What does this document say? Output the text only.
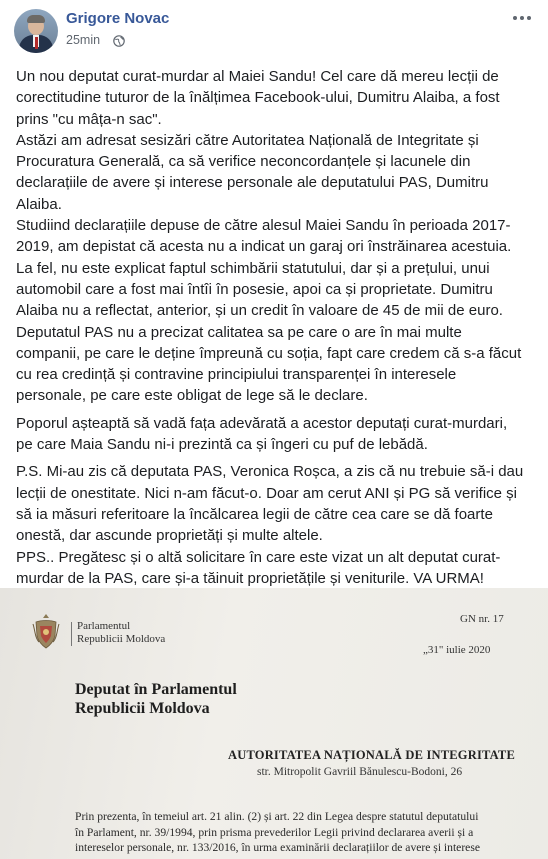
Grigore Novac
25min

Un nou deputat curat-murdar al Maiei Sandu! Cel care dă mereu lecții de
corectitudine tuturor de la înălțimea Facebook-ului, Dumitru Alaiba, a fost
prins "cu mâța-n sac".
Astăzi am adresat sesizări către Autoritatea Națională de Integritate și
Procuratura Generală, ca să verifice neconcordanțele și lacunele din
declarațiile de avere și interese personale ale deputatului PAS, Dumitru
Alaiba.
Studiind declarațiile depuse de către alesul Maiei Sandu în perioada 2017-
2019, am depistat că acesta nu a indicat un garaj ori înstrăinarea acestuia.
La fel, nu este explicat faptul schimbării statutului, dar și a prețului, unui
automobil care a fost mai întîi în posesie, apoi ca și proprietate. Dumitru
Alaiba nu a reflectat, anterior, și un credit în valoare de 45 de mii de euro.
Deputatul PAS nu a precizat calitatea sa pe care o are în mai multe
companii, pe care le deține împreună cu soția, fapt care credem că s-a făcut
cu rea credință și contravine principiului transparenței în interesele
personale, pe care este obligat de lege să le declare.

Poporul așteaptă să vadă fața adevărată a acestor deputați curat-murdari,
pe care Maia Sandu ni-i prezintă ca și îngeri cu puf de lebădă.

P.S. Mi-au zis că deputata PAS, Veronica Roșca, a zis că nu trebuie să-i dau
lecții de onestitate. Nici n-am făcut-o. Doar am cerut ANI și PG să verifice și
să ia măsuri referitoare la încălcarea legii de către cea care se dă foarte
onestă, dar ascunde proprietăți și multe altele.
PPS.. Pregătesc și o altă solicitare în care este vizat un alt deputat curat-
murdar de la PAS, care și-a tăinuit proprietățile și veniturile. VA URMA!

Parlamentul
Republicii Moldova
GN nr. 17
„31" iulie 2020
Deputat în Parlamentul
Republicii Moldova
AUTORITATEA NAȚIONALĂ DE INTEGRITATE
str. Mitropolit Gavriil Bănulescu-Bodoni, 26

Prin prezenta, în temeiul art. 21 alin. (2) și art. 22 din Legea despre statutul deputatului

în Parlament, nr. 39/1994, prin prisma prevederilor Legii privind declararea averii și a

intereselor personale, nr. 133/2016, în urma examinării declarațiilor de avere și interese
